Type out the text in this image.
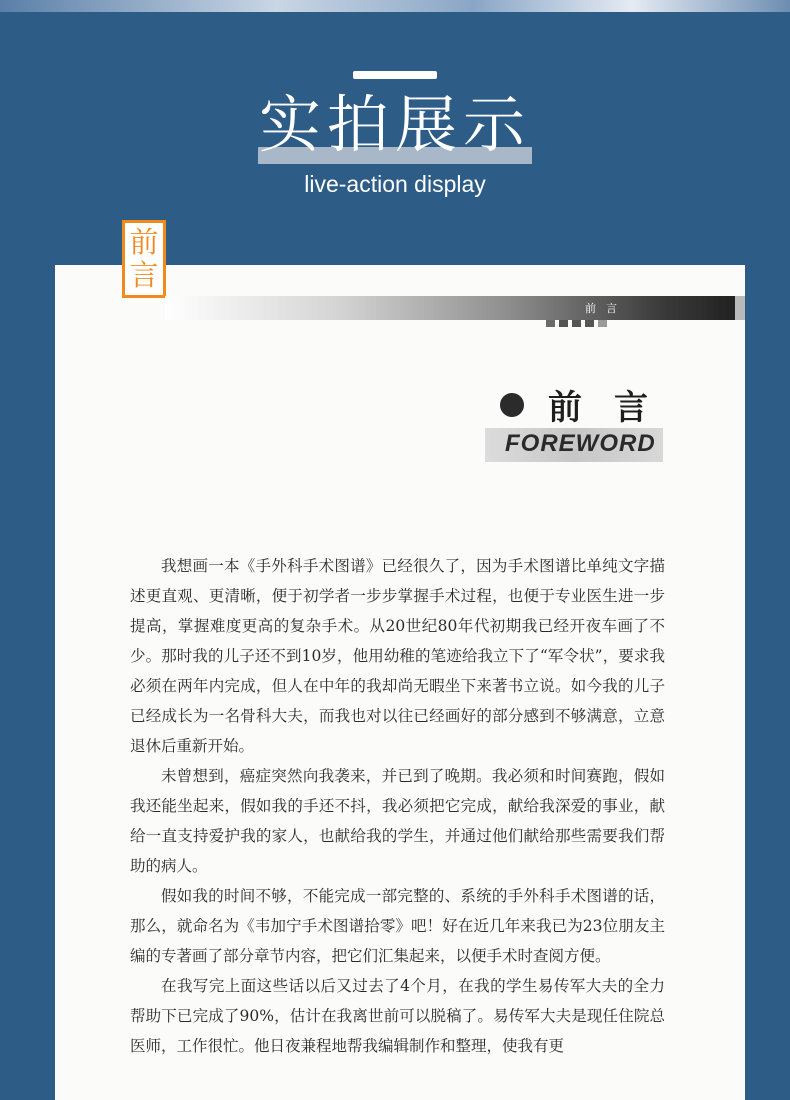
实拍展示
live-action display
前
言
前言
前言
FOREWORD

我想画一本《手外科手术图谱》已经很久了，因为手术图谱比单纯文字描述更直观、更清晰，便于初学者一步步掌握手术过程，也便于专业医生进一步提高，掌握难度更高的复杂手术。从20世纪80年代初期我已经开夜车画了不少。那时我的儿子还不到10岁，他用幼稚的笔迹给我立下了“军令状”，要求我必须在两年内完成，但人在中年的我却尚无暇坐下来著书立说。如今我的儿子已经成长为一名骨科大夫，而我也对以往已经画好的部分感到不够满意，立意退休后重新开始。

未曾想到，癌症突然向我袭来，并已到了晚期。我必须和时间赛跑，假如我还能坐起来，假如我的手还不抖，我必须把它完成，献给我深爱的事业，献给一直支持爱护我的家人，也献给我的学生，并通过他们献给那些需要我们帮助的病人。

假如我的时间不够，不能完成一部完整的、系统的手外科手术图谱的话，那么，就命名为《韦加宁手术图谱拾零》吧！好在近几年来我已为23位朋友主编的专著画了部分章节内容，把它们汇集起来，以便手术时查阅方便。

在我写完上面这些话以后又过去了4个月，在我的学生易传军大夫的全力帮助下已完成了90%，估计在我离世前可以脱稿了。易传军大夫是现任住院总医师，工作很忙。他日夜兼程地帮我编辑制作和整理，使我有更
